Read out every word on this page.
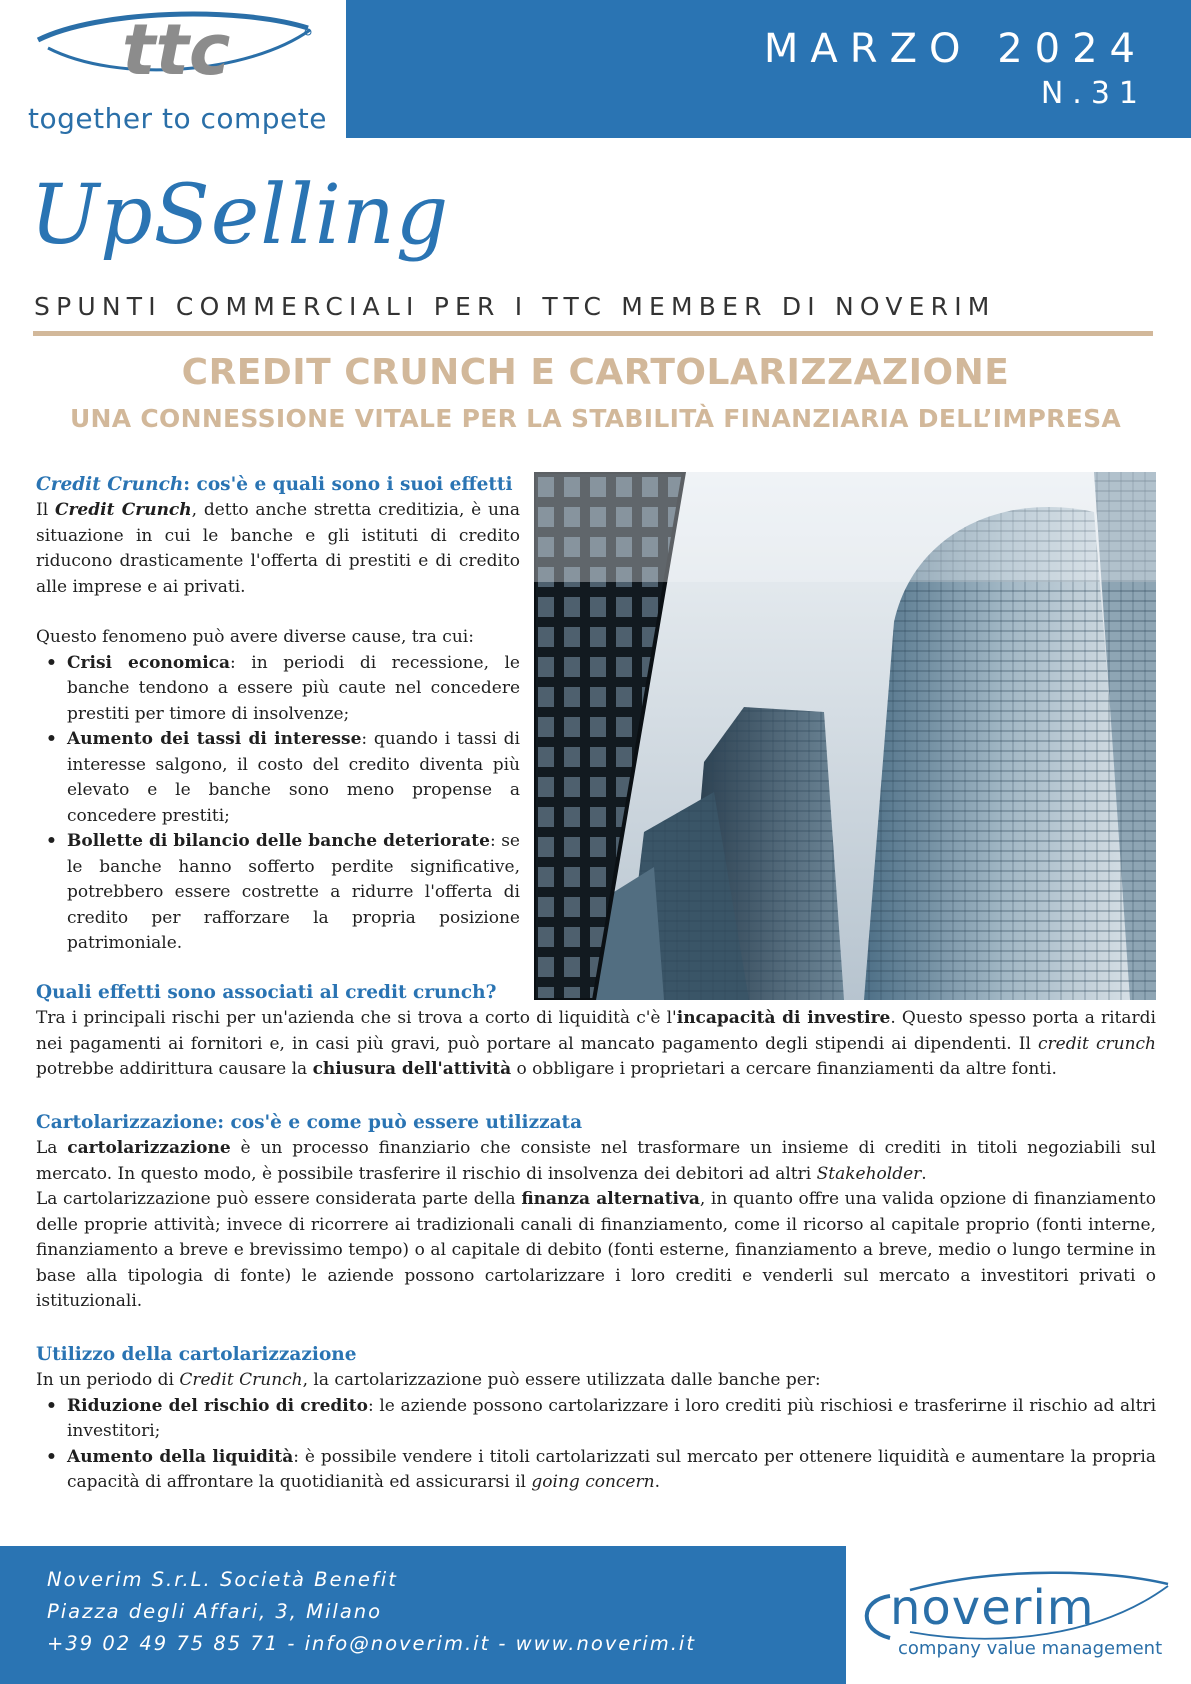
ttc
together to compete
MARZO 2024
N.31
UpSelling
SPUNTI COMMERCIALI PER I TTC MEMBER DI NOVERIM
CREDIT CRUNCH E CARTOLARIZZAZIONE
UNA CONNESSIONE VITALE PER LA STABILITÀ FINANZIARIA DELL’IMPRESA
Credit Crunch: cos'è e quali sono i suoi effetti

Il Credit Crunch, detto anche stretta creditizia, è una situazione in cui le banche e gli istituti di credito riducono drasticamente l'offerta di prestiti e di credito alle imprese e ai privati.

Questo fenomeno può avere diverse cause, tra cui:

• Crisi economica: in periodi di recessione, le banche tendono a essere più caute nel concedere prestiti per timore di insolvenze;
• Aumento dei tassi di interesse: quando i tassi di interesse salgono, il costo del credito diventa più elevato e le banche sono meno propense a concedere prestiti;
• Bollette di bilancio delle banche deteriorate: se le banche hanno sofferto perdite significative, potrebbero essere costrette a ridurre l'offerta di credito per rafforzare la propria posizione patrimoniale.
Quali effetti sono associati al credit crunch?

Tra i principali rischi per un'azienda che si trova a corto di liquidità c'è l'incapacità di investire. Questo spesso porta a ritardi nei pagamenti ai fornitori e, in casi più gravi, può portare al mancato pagamento degli stipendi ai dipendenti. Il credit crunch potrebbe addirittura causare la chiusura dell'attività o obbligare i proprietari a cercare finanziamenti da altre fonti.

Cartolarizzazione: cos'è e come può essere utilizzata

La cartolarizzazione è un processo finanziario che consiste nel trasformare un insieme di crediti in titoli negoziabili sul mercato. In questo modo, è possibile trasferire il rischio di insolvenza dei debitori ad altri Stakeholder.

La cartolarizzazione può essere considerata parte della finanza alternativa, in quanto offre una valida opzione di finanziamento delle proprie attività; invece di ricorrere ai tradizionali canali di finanziamento, come il ricorso al capitale proprio (fonti interne, finanziamento a breve e brevissimo tempo) o al capitale di debito (fonti esterne, finanziamento a breve, medio o lungo termine in base alla tipologia di fonte) le aziende possono cartolarizzare i loro crediti e venderli sul mercato a investitori privati o istituzionali.

Utilizzo della cartolarizzazione

In un periodo di Credit Crunch, la cartolarizzazione può essere utilizzata dalle banche per:

• Riduzione del rischio di credito: le aziende possono cartolarizzare i loro crediti più rischiosi e trasferirne il rischio ad altri investitori;
• Aumento della liquidità: è possibile vendere i titoli cartolarizzati sul mercato per ottenere liquidità e aumentare la propria capacità di affrontare la quotidianità ed assicurarsi il going concern.
Noverim S.r.L. Società Benefit
Piazza degli Affari, 3, Milano
+39 02 49 75 85 71 - info@noverim.it - www.noverim.it
noverim
company value management
